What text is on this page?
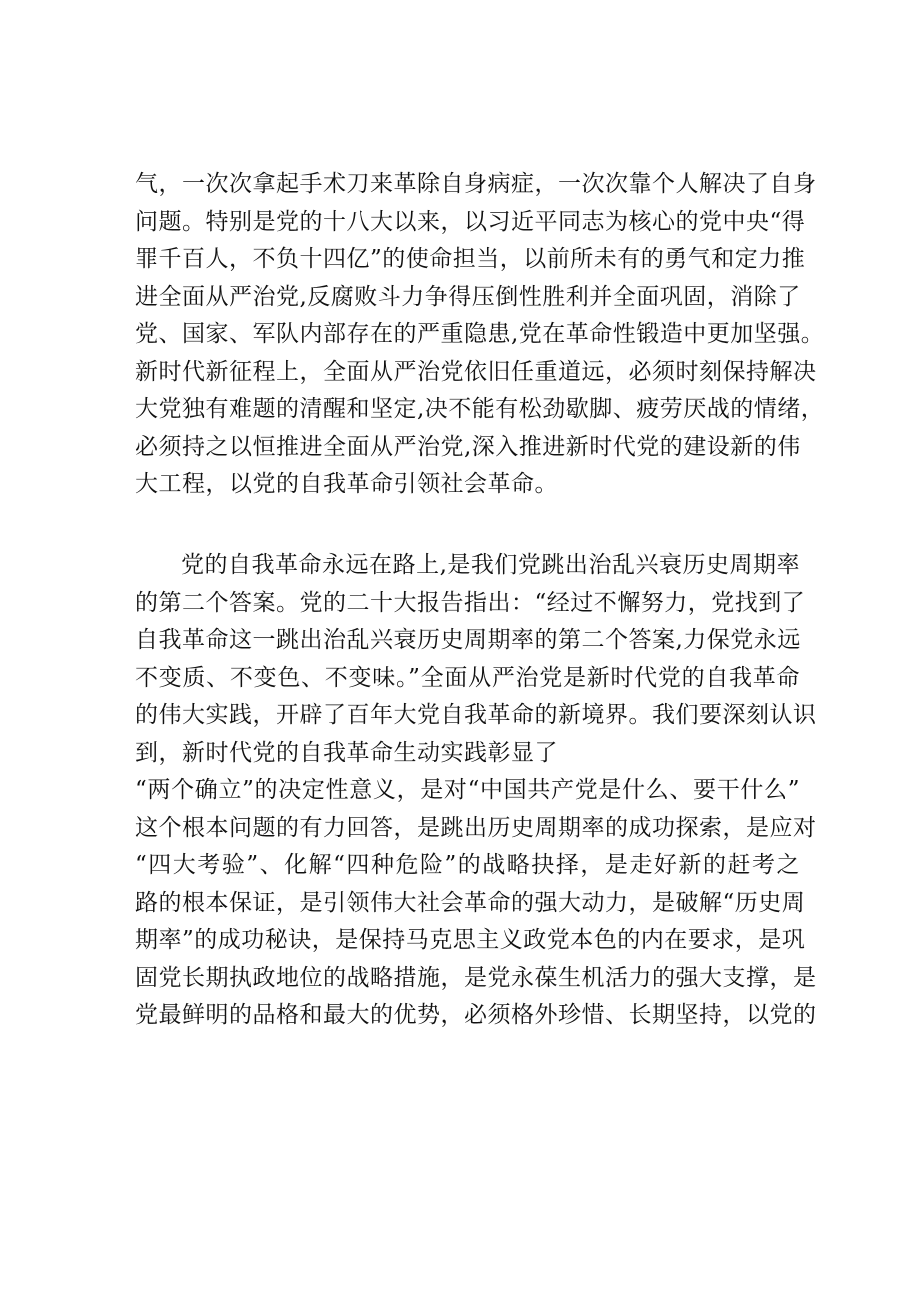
气，一次次拿起手术刀来革除自身病症，一次次靠个人解决了自身
问题。特别是党的十八大以来，以习近平同志为核心的党中央“得
罪千百人，不负十四亿”的使命担当，以前所未有的勇气和定力推
进全面从严治党,反腐败斗力争得压倒性胜利并全面巩固，消除了
党、国家、军队内部存在的严重隐患,党在革命性锻造中更加坚强。
新时代新征程上，全面从严治党依旧任重道远，必须时刻保持解决
大党独有难题的清醒和坚定,决不能有松劲歇脚、疲劳厌战的情绪，
必须持之以恒推进全面从严治党,深入推进新时代党的建设新的伟
大工程，以党的自我革命引领社会革命。
党的自我革命永远在路上,是我们党跳出治乱兴衰历史周期率
的第二个答案。党的二十大报告指出：“经过不懈努力，党找到了
自我革命这一跳出治乱兴衰历史周期率的第二个答案,力保党永远
不变质、不变色、不变味。”全面从严治党是新时代党的自我革命
的伟大实践，开辟了百年大党自我革命的新境界。我们要深刻认识
到，新时代党的自我革命生动实践彰显了
“两个确立”的决定性意义，是对“中国共产党是什么、要干什么”
这个根本问题的有力回答，是跳出历史周期率的成功探索，是应对
“四大考验”、化解“四种危险”的战略抉择，是走好新的赶考之
路的根本保证，是引领伟大社会革命的强大动力，是破解“历史周
期率”的成功秘诀，是保持马克思主义政党本色的内在要求，是巩
固党长期执政地位的战略措施，是党永葆生机活力的强大支撑，是
党最鲜明的品格和最大的优势，必须格外珍惜、长期坚持，以党的
